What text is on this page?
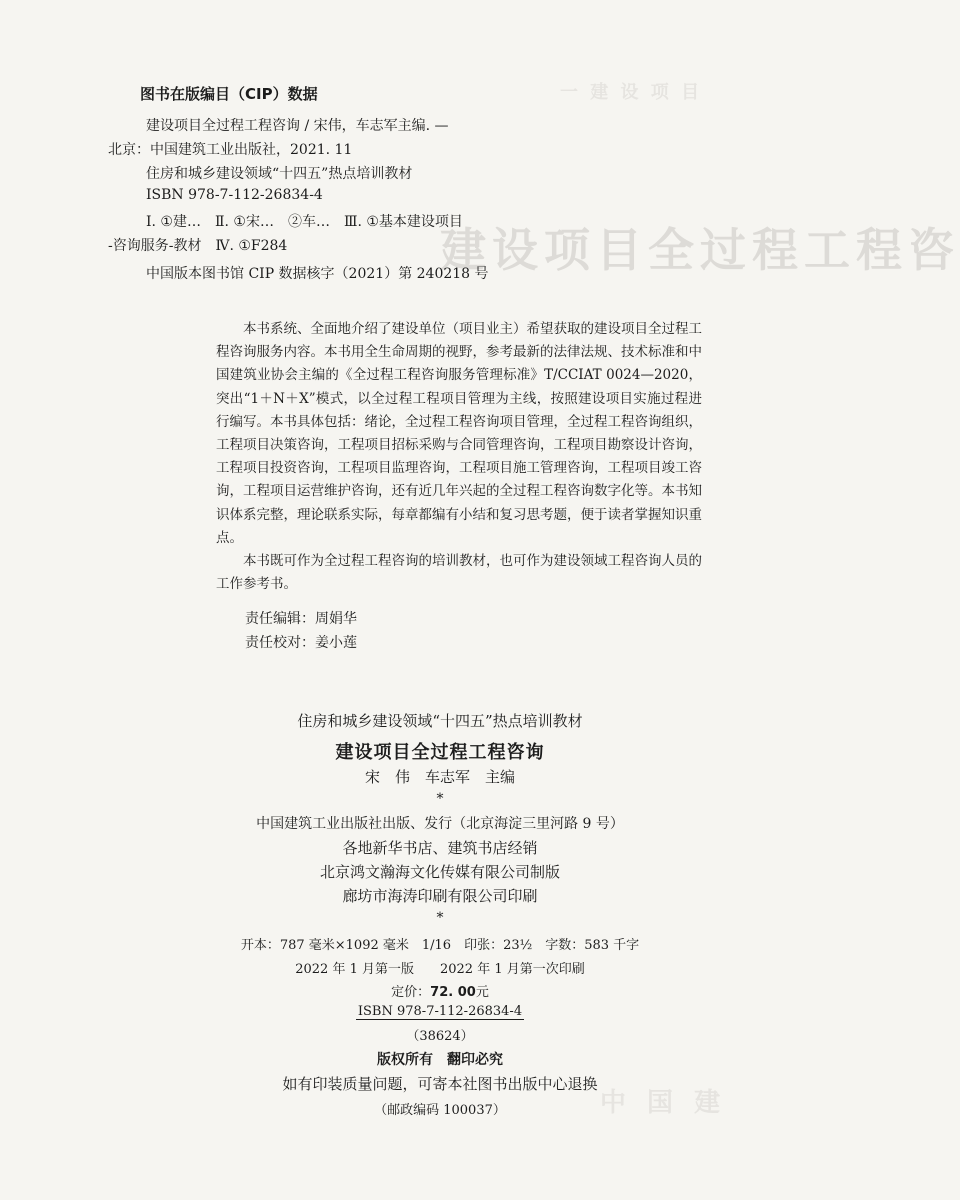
建设项目全过程工程咨
一 建 设 项 目
中 国 建
图书在版编目（CIP）数据
建设项目全过程工程咨询 / 宋伟，车志军主编. —
北京：中国建筑工业出版社，2021. 11
住房和城乡建设领域“十四五”热点培训教材
ISBN 978-7-112-26834-4
Ⅰ. ①建…　Ⅱ. ①宋…　②车…　Ⅲ. ①基本建设项目
-咨询服务-教材　Ⅳ. ①F284
中国版本图书馆 CIP 数据核字（2021）第 240218 号

本书系统、全面地介绍了建设单位（项目业主）希望获取的建设项目全过程工程咨询服务内容。本书用全生命周期的视野，参考最新的法律法规、技术标准和中国建筑业协会主编的《全过程工程咨询服务管理标准》T/CCIAT 0024—2020，突出“1＋N＋X”模式，以全过程工程项目管理为主线，按照建设项目实施过程进行编写。本书具体包括：绪论，全过程工程咨询项目管理，全过程工程咨询组织，工程项目决策咨询，工程项目招标采购与合同管理咨询，工程项目勘察设计咨询，工程项目投资咨询，工程项目监理咨询，工程项目施工管理咨询，工程项目竣工咨询，工程项目运营维护咨询，还有近几年兴起的全过程工程咨询数字化等。本书知识体系完整，理论联系实际，每章都编有小结和复习思考题，便于读者掌握知识重点。

本书既可作为全过程工程咨询的培训教材，也可作为建设领域工程咨询人员的工作参考书。

责任编辑：周娟华
责任校对：姜小莲
住房和城乡建设领域“十四五”热点培训教材
建设项目全过程工程咨询
宋　伟　车志军　主编
*
中国建筑工业出版社出版、发行（北京海淀三里河路 9 号）
各地新华书店、建筑书店经销
北京鸿文瀚海文化传媒有限公司制版
廊坊市海涛印刷有限公司印刷
*
开本：787 毫米×1092 毫米　1/16　印张：23½　字数：583 千字
2022 年 1 月第一版　　2022 年 1 月第一次印刷
定价：72. 00元
ISBN 978-7-112-26834-4
（38624）
版权所有　翻印必究
如有印装质量问题，可寄本社图书出版中心退换
（邮政编码 100037）
